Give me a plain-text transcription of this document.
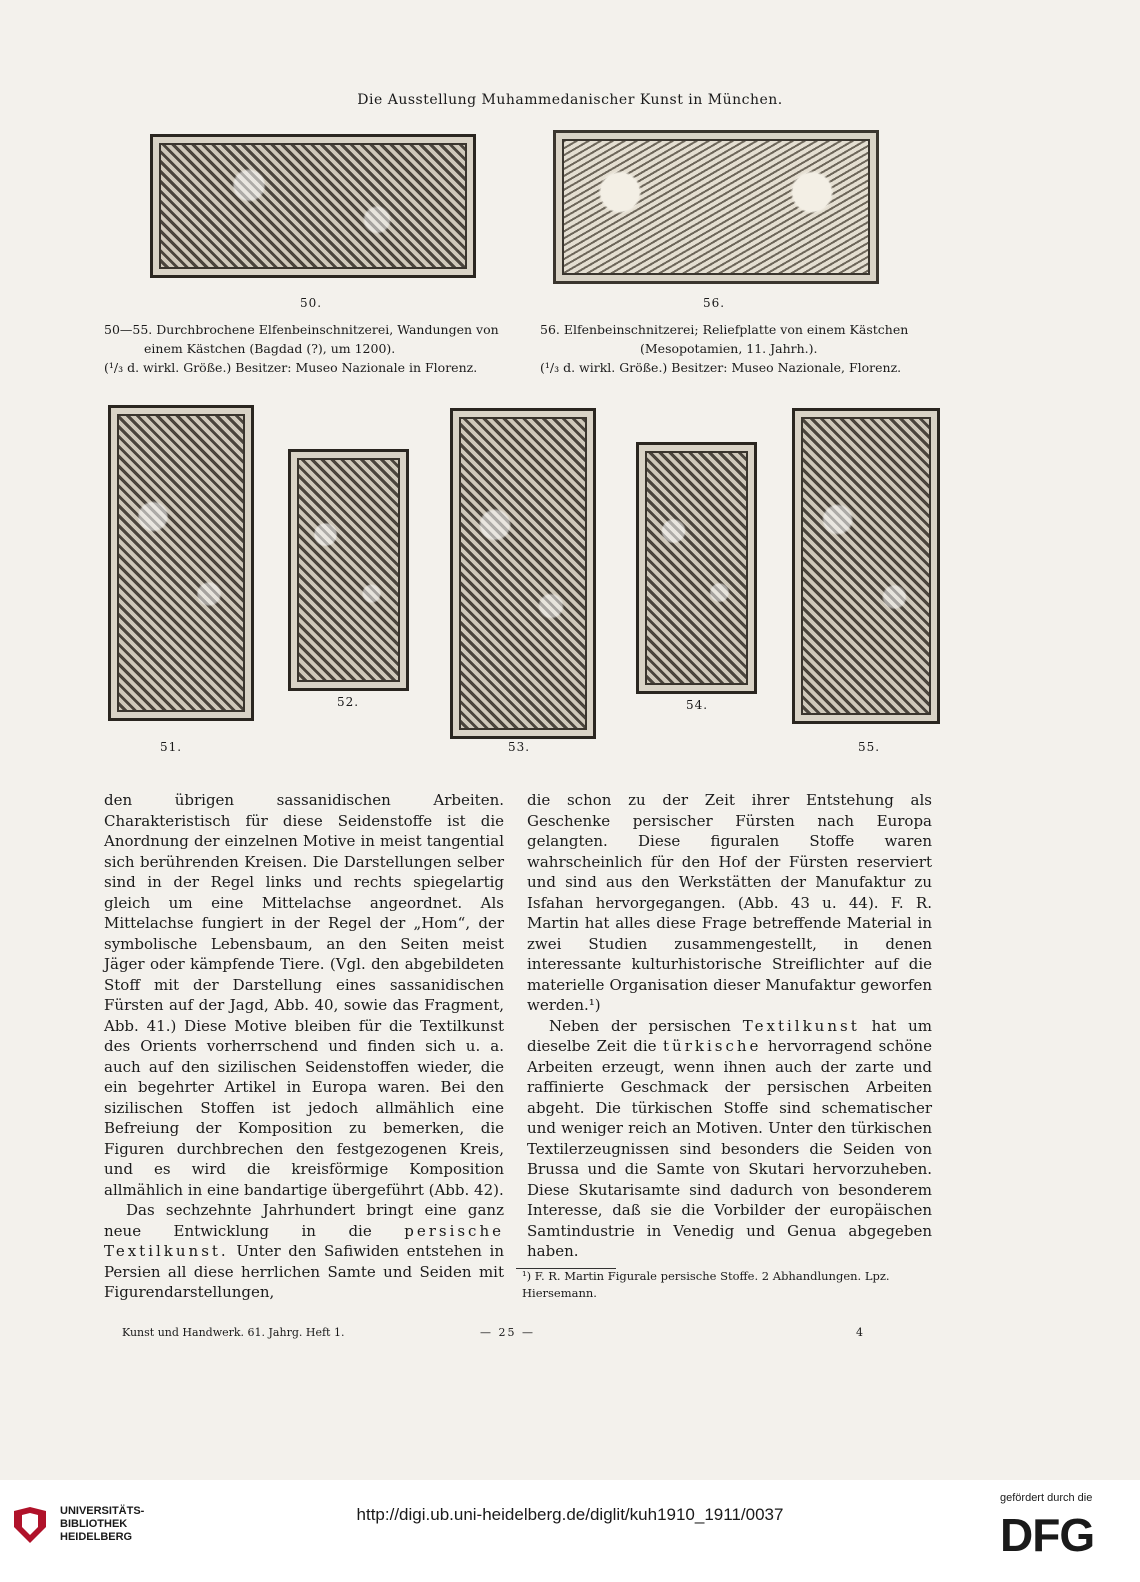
Die Ausstellung Muhammedanischer Kunst in München.
50.	56.
50—55. Durchbrochene Elfenbeinschnitzerei, Wandungen von
einem Kästchen (Bagdad (?), um 1200).
(¹/₃ d. wirkl. Größe.) Besitzer: Museo Nazionale in Florenz.
56. Elfenbeinschnitzerei; Reliefplatte von einem Kästchen
(Mesopotamien, 11. Jahrh.).
(¹/₃ d. wirkl. Größe.) Besitzer: Museo Nazionale, Florenz.
51.
52.
53.
54.
55.

den übrigen sassanidischen Arbeiten. Charakteristisch für diese Seidenstoffe ist die Anordnung der einzelnen Motive in meist tangential sich berührenden Kreisen. Die Darstellungen selber sind in der Regel links und rechts spiegelartig gleich um eine Mittelachse angeordnet. Als Mittelachse fungiert in der Regel der „Hom“, der symbolische Lebensbaum, an den Seiten meist Jäger oder kämpfende Tiere. (Vgl. den abgebildeten Stoff mit der Darstellung eines sassanidischen Fürsten auf der Jagd, Abb. 40, sowie das Fragment, Abb. 41.) Diese Motive bleiben für die Textilkunst des Orients vorherrschend und finden sich u. a. auch auf den sizilischen Seidenstoffen wieder, die ein begehrter Artikel in Europa waren. Bei den sizilischen Stoffen ist jedoch allmählich eine Befreiung der Komposition zu bemerken, die Figuren durchbrechen den festgezogenen Kreis, und es wird die kreisförmige Komposition allmählich in eine bandartige übergeführt (Abb. 42).

Das sechzehnte Jahrhundert bringt eine ganz neue Entwicklung in die persische Textilkunst. Unter den Safiwiden entstehen in Persien all diese herrlichen Samte und Seiden mit Figurendarstellungen,

die schon zu der Zeit ihrer Entstehung als Geschenke persischer Fürsten nach Europa gelangten. Diese figuralen Stoffe waren wahrscheinlich für den Hof der Fürsten reserviert und sind aus den Werkstätten der Manufaktur zu Isfahan hervorgegangen. (Abb. 43 u. 44). F. R. Martin hat alles diese Frage betreffende Material in zwei Studien zusammengestellt, in denen interessante kulturhistorische Streiflichter auf die materielle Organisation dieser Manufaktur geworfen werden.¹)

Neben der persischen Textilkunst hat um dieselbe Zeit die türkische hervorragend schöne Arbeiten erzeugt, wenn ihnen auch der zarte und raffinierte Geschmack der persischen Arbeiten abgeht. Die türkischen Stoffe sind schematischer und weniger reich an Motiven. Unter den türkischen Textilerzeugnissen sind besonders die Seiden von Brussa und die Samte von Skutari hervorzuheben. Diese Skutarisamte sind dadurch von besonderem Interesse, daß sie die Vorbilder der europäischen Samtindustrie in Venedig und Genua abgegeben haben.

¹) F. R. Martin Figurale persische Stoffe. 2 Abhandlungen. Lpz. Hiersemann.
Kunst und Handwerk. 61. Jahrg. Heft 1.	— 25 —	4
UNIVERSITÄTS-
BIBLIOTHEK
HEIDELBERG
http://digi.ub.uni-heidelberg.de/diglit/kuh1910_1911/0037
gefördert durch die
DFG
